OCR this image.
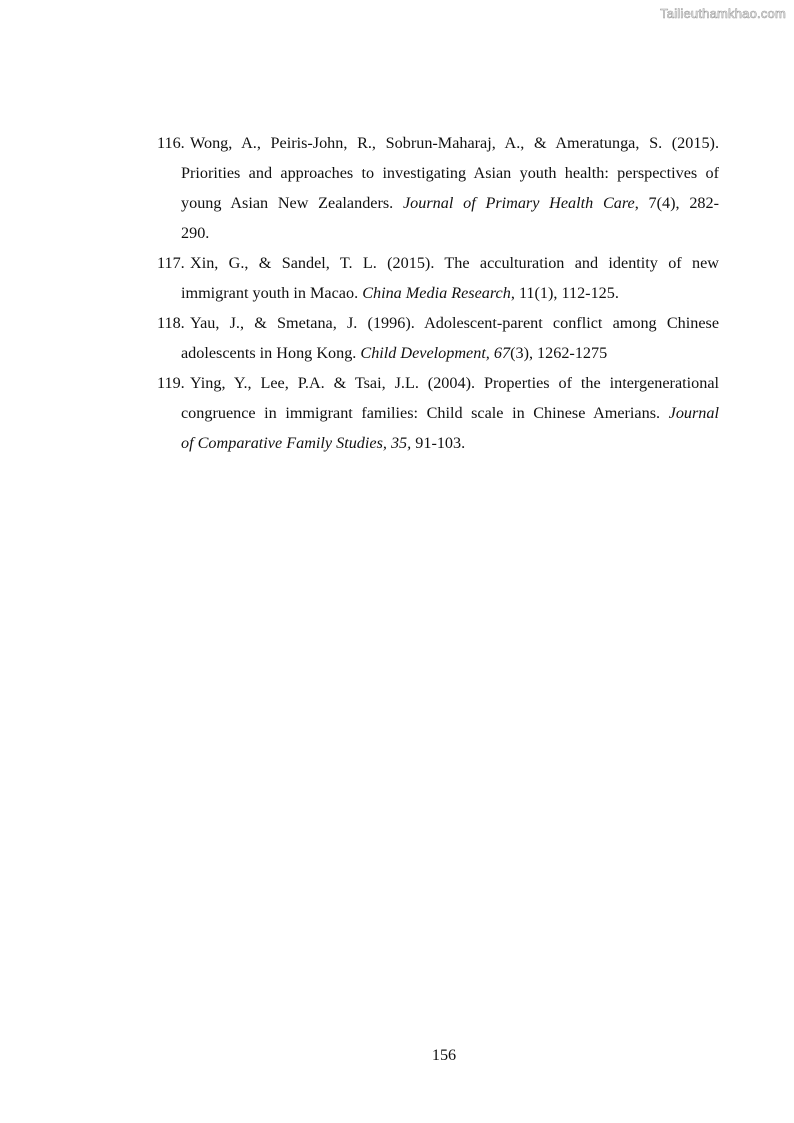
Tailieuthamkhao.com
116. Wong, A., Peiris-John, R., Sobrun-Maharaj, A., & Ameratunga, S. (2015).
Priorities and approaches to investigating Asian youth health: perspectives of
young Asian New Zealanders. Journal of Primary Health Care, 7(4), 282-
290.
117. Xin, G., & Sandel, T. L. (2015). The acculturation and identity of new
immigrant youth in Macao. China Media Research, 11(1), 112-125.
118. Yau, J., & Smetana, J. (1996). Adolescent-parent conflict among Chinese
adolescents in Hong Kong. Child Development, 67(3), 1262-1275
119. Ying, Y., Lee, P.A. & Tsai, J.L. (2004). Properties of the intergenerational
congruence in immigrant families: Child scale in Chinese Amerians. Journal
of Comparative Family Studies, 35, 91-103.
156
